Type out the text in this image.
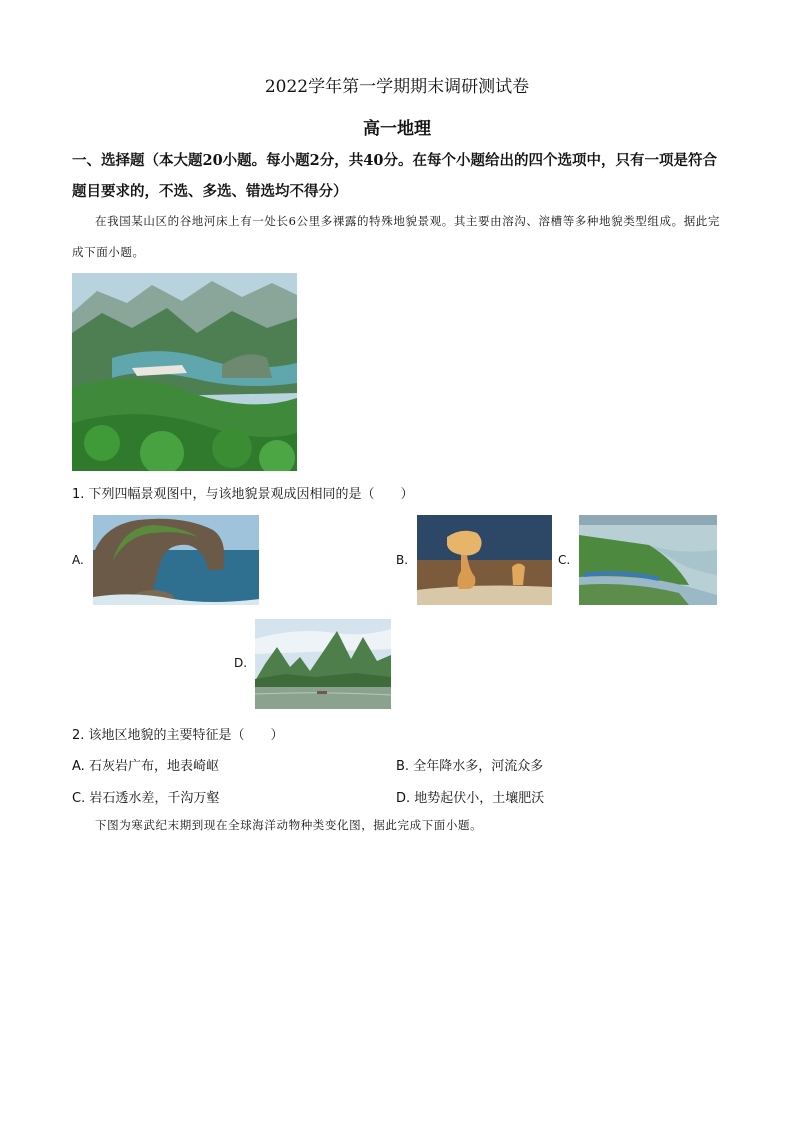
2022学年第一学期期末调研测试卷
高一地理
一、选择题（本大题20小题。每小题2分，共40分。在每个小题给出的四个选项中，只有一项是符合题目要求的，不选、多选、错选均不得分）
在我国某山区的谷地河床上有一处长6公里多裸露的特殊地貌景观。其主要由溶沟、溶槽等多种地貌类型组成。据此完成下面小题。
1. 下列四幅景观图中，与该地貌景观成因相同的是（　　）
A.	B.	C.
D.
2. 该地区地貌的主要特征是（　　）
A. 石灰岩广布，地表崎岖	B. 全年降水多，河流众多
C. 岩石透水差，千沟万壑	D. 地势起伏小，土壤肥沃
下图为寒武纪末期到现在全球海洋动物种类变化图，据此完成下面小题。
